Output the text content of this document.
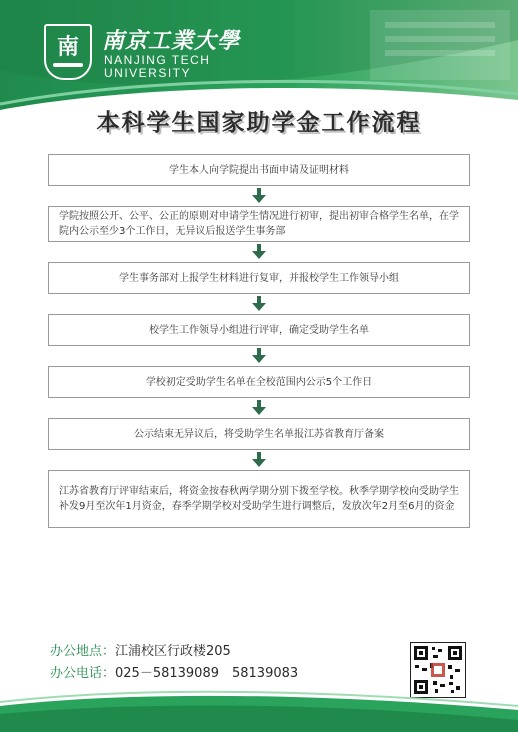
南 南京工業大學
NANJING TECH
UNIVERSITY
本科学生国家助学金工作流程
学生本人向学院提出书面申请及证明材料
学院按照公开、公平、公正的原则对申请学生情况进行初审，提出初审合格学生名单，在学院内公示至少3个工作日，无异议后报送学生事务部
学生事务部对上报学生材料进行复审，并报校学生工作领导小组
校学生工作领导小组进行评审，确定受助学生名单
学校初定受助学生名单在全校范围内公示5个工作日
公示结束无异议后，将受助学生名单报江苏省教育厅备案
江苏省教育厅评审结束后，将资金按春秋两学期分别下拨至学校。秋季学期学校向受助学生补发9月至次年1月资金，春季学期学校对受助学生进行调整后，发放次年2月至6月的资金
办公地点：江浦校区行政楼205
办公电话：025－58139089　58139083
